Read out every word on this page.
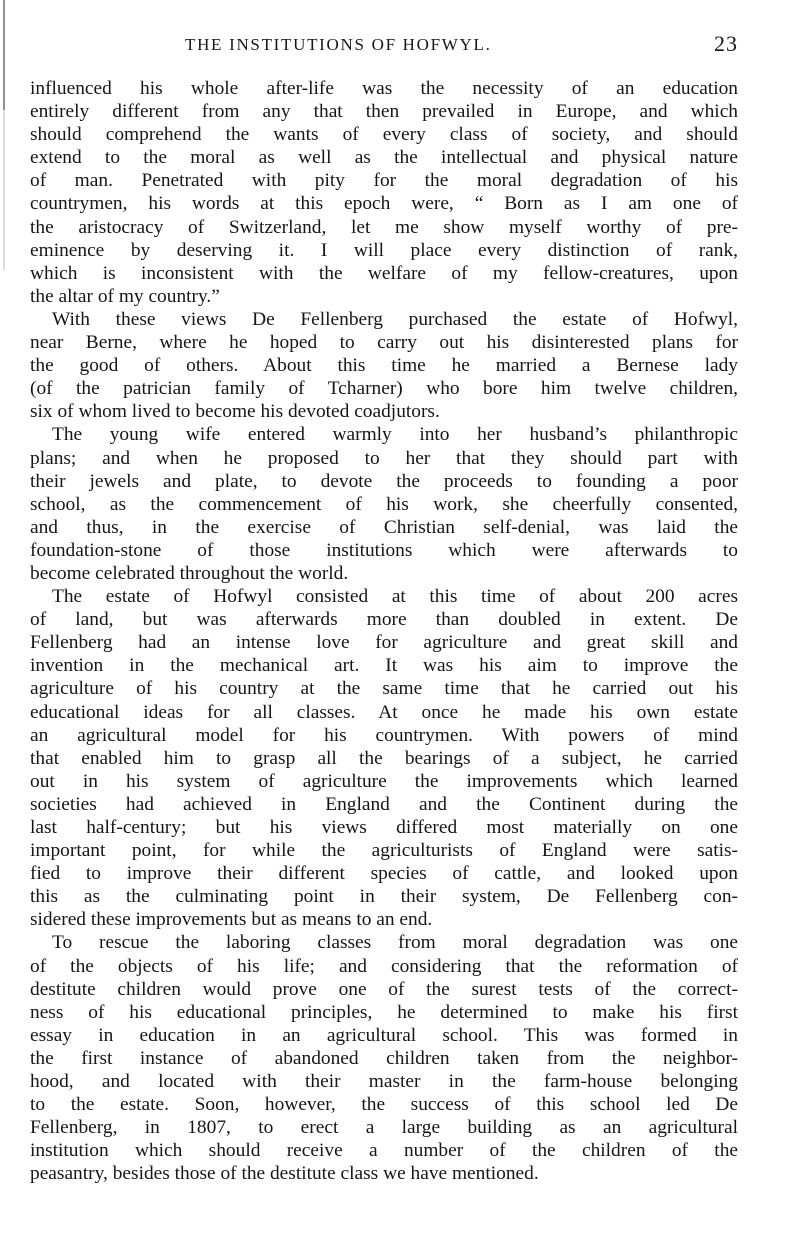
THE INSTITUTIONS OF HOFWYL.	23
influenced his whole after-life was the necessity of an education
entirely different from any that then prevailed in Europe, and which
should comprehend the wants of every class of society, and should
extend to the moral as well as the intellectual and physical nature
of man. Penetrated with pity for the moral degradation of his
countrymen, his words at this epoch were, “ Born as I am one of
the aristocracy of Switzerland, let me show myself worthy of pre-
eminence by deserving it. I will place every distinction of rank,
which is inconsistent with the welfare of my fellow-creatures, upon
the altar of my country.”
With these views De Fellenberg purchased the estate of Hofwyl,
near Berne, where he hoped to carry out his disinterested plans for
the good of others. About this time he married a Bernese lady
(of the patrician family of Tcharner) who bore him twelve children,
six of whom lived to become his devoted coadjutors.
The young wife entered warmly into her husband’s philanthropic
plans; and when he proposed to her that they should part with
their jewels and plate, to devote the proceeds to founding a poor
school, as the commencement of his work, she cheerfully consented,
and thus, in the exercise of Christian self-denial, was laid the
foundation-stone of those institutions which were afterwards to
become celebrated throughout the world.
The estate of Hofwyl consisted at this time of about 200 acres
of land, but was afterwards more than doubled in extent. De
Fellenberg had an intense love for agriculture and great skill and
invention in the mechanical art. It was his aim to improve the
agriculture of his country at the same time that he carried out his
educational ideas for all classes. At once he made his own estate
an agricultural model for his countrymen. With powers of mind
that enabled him to grasp all the bearings of a subject, he carried
out in his system of agriculture the improvements which learned
societies had achieved in England and the Continent during the
last half-century; but his views differed most materially on one
important point, for while the agriculturists of England were satis-
fied to improve their different species of cattle, and looked upon
this as the culminating point in their system, De Fellenberg con-
sidered these improvements but as means to an end.
To rescue the laboring classes from moral degradation was one
of the objects of his life; and considering that the reformation of
destitute children would prove one of the surest tests of the correct-
ness of his educational principles, he determined to make his first
essay in education in an agricultural school. This was formed in
the first instance of abandoned children taken from the neighbor-
hood, and located with their master in the farm-house belonging
to the estate. Soon, however, the success of this school led De
Fellenberg, in 1807, to erect a large building as an agricultural
institution which should receive a number of the children of the
peasantry, besides those of the destitute class we have mentioned.
